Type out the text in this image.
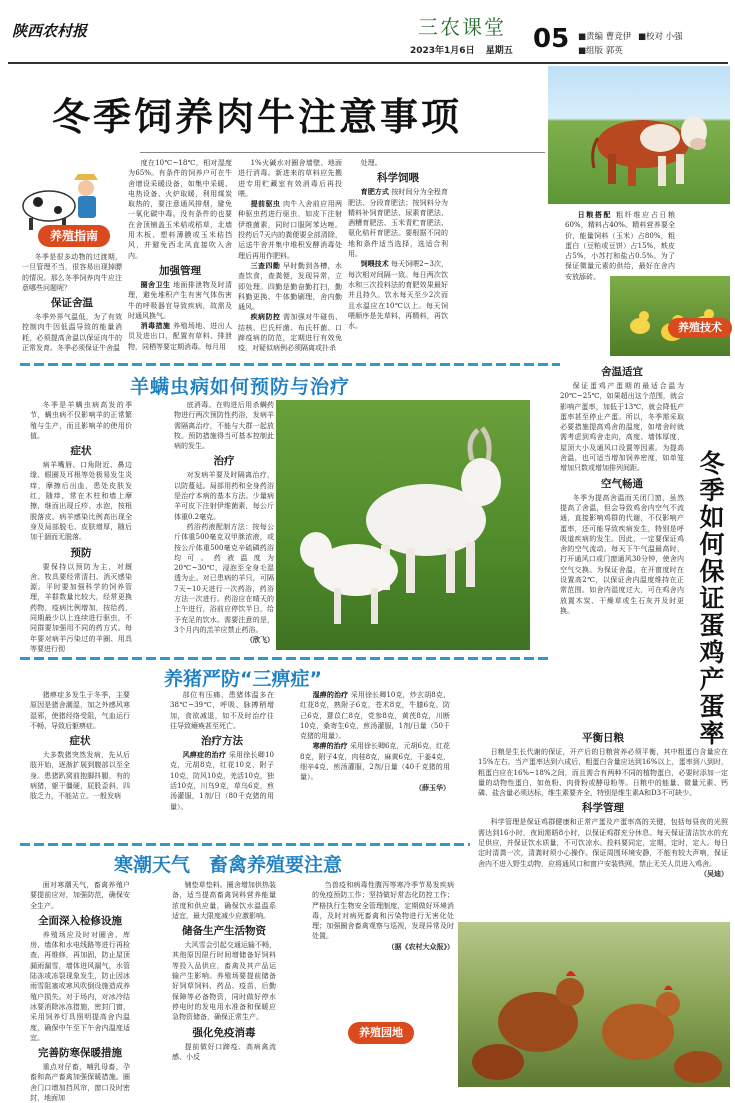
陕西农村报	三农课堂
2023年1月6日 星期五 05 ■责编 曹竞伊 ■校对 小强
■组版 郭英
冬季饲养肉牛注意事项
养殖指南

冬季是很多动物的过渡期，一旦管理不当，很容易出现掉膘的情况。那么冬季饲养肉牛应注意哪些问题呢？

保证舍温

冬季外界气温低，为了有效控制肉牛因低温导致的能量消耗，必须提高舍温以保证肉牛的正常发育。冬季必须保证牛舍温

度在10℃~18℃，相对湿度为65%。有条件的饲养户可在牛舍增设采暖设备，如集中采暖、电热设备、火炉取暖，利用煤炭取热的，要注意通风排烟，避免一氧化碳中毒。没有条件的也要在舍顶铺盖玉米秸或稻草，北墙用木板、塑料薄膜或玉米秸挡风，并避免西北风直接吹入舍内。

加强管理

圈舍卫生 地面排泄物及时清理，避免堆积产生有害气体伤害牛的呼吸器官导致疾病，故需及时通风换气。

消毒措施 养殖场地、进出人员及进出口，配置有草料、排泄物，同栖等要定期消毒。每月用

1%火碱水对圈舍墙壁、地面进行消毒。新进来的草料应先搬进专用贮藏室有效消毒后再投喂。

提前驱虫 肉牛入舍前应用两种驱虫药进行驱虫，如皮下注射伊维菌素，同时口服阿苯达唑。投药后7天内的粪便要全部清除，运送牛舍并集中堆积发酵消毒处理后再用作肥料。

三查四勤 早时勤到各槽，水查饮食，查粪便，发现异常，立即处理。四勤是勤奋勤打扫，勤科勤更换、牛体勤刷理，舍内勤通风。

疾病防控 需加强对牛碰伤、结核、巴氏杆菌、布氏杆菌、口蹄疫病的防范，定期进行有效免疫，对疑似病例必须隔离或扑杀

处理。

科学饲喂

育肥方式 按时间分为全程育肥法、分段育肥法；按饲料分为精料补饲育肥法、尿素育肥法、酒糟育肥法、玉米青贮育肥法、氨化秸秆育肥法。要根据不同的地和条件适当选择，选适合利用。

饲喂技术 每天饲喂2~3次，每次相对间隔一致。每日两次饮水和三次投料法的育肥效果最好并且持久。饮水每天至少2次而且水温应在10℃以上。每天饲喂顺序是先草料，再精料，再饮水。

日粮搭配 粗纤维应占日粮60%，精料占40%。精料营养要全价，能量饲料（玉米）占80%，粗蛋白（豆粕或豆饼）占15%，麸皮占5%，小苏打和盐占0.5%。为了保证微量元素的供给，最好在舍内安放舔砖。

养殖技术
羊螨虫病如何预防与治疗

冬季是羊螨虫病高发的季节，螨虫病不仅影响羊的正常繁殖与生产，而且影响羊的使用价值。

症状

病羊嘴唇、口角附近、鼻边缘、眼圈及耳根等处极易发生炎痒，摩擦后出血，患处皮肤发红，随痒，常在木柱和墙上摩擦，继而出现丘疹、水泡，按根脱落皮。病羊感染比例高出现全身及局部脱毛、皮肤增厚，随后加干涸而无脱落。

预防

要保持以预防为主，对厩舍、牧具要经常清扫、消灭感染源。平时要加强科学的饲养管理，羊群数量比较大，经常更换药物，疫病比例增加，按给药，同期最少以上连续进行驱虫，不同群要加强用不同的药方式。每年要对病羊污染过的羊圈、用具等要进行彻

底消毒。在购进后用杀螨药物进行两次预防性药浴，发病羊需隔离治疗，不能与大群一起放牧。预防措施得当可基本控制此病的发生。

治疗

对发病羊要及时隔离治疗，以防蔓延。局部用药和全身药浴是治疗本病的基本方法。少量病羊可皮下注射伊维菌素，每公斤体重0.2毫克。

药浴药液配制方法：按每公斤体重500毫克双甲脒浓液，或按公斤体重500毫克辛硫磷药浴均可。药液温度为20℃~30℃，浸泡至全身毛湿透为止。对已患病的羊只，可隔7天~10天进行一次药浴，药浴方法一次进行。药浴应在晴天的上午进行，浴前应停饮半日，给予充足的饮水。需要注意的是，3个月内的羔羊应禁止药浴。

（欣飞）

舍温适宜

保证蛋鸡产蛋期的最适合温为20℃~25℃，如果超出这个范围，就会影响产蛋率，加低于13℃，就会降低产蛋率甚至停止产蛋。所以，冬季需采取必要措施提高鸡舍的温度，如堵舍时就需考虑到鸡舍走向，高度、墙体厚度，屋顶大小及通风口设置等因素。为提高舍温，也可适当增加饲养密度，如单笼增加只数或增加排列间距。

空气畅通

冬季为提高舍温而关闭门窗，虽然提高了舍温，但会导致鸡舍内空气不流通，直接影响鸡群的代谢，不仅影响产蛋率，还可能导致疾病发生，特别是呼吸道疾病的发生。因此，一定要保证鸡舍的空气流动。每天下午气温最高时，打开通风口或门窗通风30分钟，使舍内空气交换。为保证舍温，在开窗度时在设置高2℃，以保证舍内温度维持在正常范围。如舍内湿度过大，可在鸡舍内放置木炭、干燥草或生石灰并及时更换。	冬季如何保证蛋鸡产蛋率
养猪严防“三痹症”

猪痹症多发生于冬季，主要原因是猪舍潮湿，加之外感风寒湿邪，使猪经络受阻，气血运行不畅，导致后躯痹症。

症状

大多数猪突然发病，先从后肢开始，逐渐扩展到腹部以至全身。患猪趴窝前抱脚抖腿，有的病猪，躯干僵硬，屁股歪斜，四肢乏力，不能站立。一般发病

部位有压痛，患猪体温多在38℃~39℃，呼吸、脉搏稍增加，食欲减退，如不及时治疗往往导致瘫痪甚至死亡。

治疗方法

风痹症的治疗 采用徐长卿10克，元胡8克，红花10克，附子10克，防风10克，羌活10克，独活10克，川乌9克，草乌6克，煎汤灌服，1剂/日（80千克猪的用量）。

湿痹的治疗 采用徐长卿10克，炒玄胡8克，红花8克，熟附子6克，苍术8克，牛膝6克，防己6克，薏苡仁8克，党参8克，黄芪8克，川断10克，桑寄生6克，煎汤灌服，1剂/日量（50千克猪的用量）。

寒痹的治疗 采用徐长卿6克，元胡6克，红花8克，附子4克，肉桂8克，麻黄6克，干姜4克，细辛4克，煎汤灌服，2剂/日量（40千克猪的用量）。

（薛玉华）

平衡日粮

日粮是生长代谢的保证，开产后的日粮营养必须平衡，其中粗蛋白含量应在15%左右，当产蛋率达到六成后，粗蛋白含量应达到16%以上，蛋率到八到时，粗蛋白应在16%~18%之间，而且需合有两种不同的植物蛋白，必要时添加一定量的动物性蛋白，如鱼粉、肉骨粉或酵母粉等。日粮中的能量、微量元素、钙磷、盐含量必须达标，维生素要齐全，特别是维生素A和D3不可缺少。

科学管理

科学管理是保证鸡群健康和正常产蛋及产蛋率高的关键，包括每昼夜的光照需达到16小时，夜间需晤8小时，以保证鸡群充分休息。每天保证清洁饮水的充足供应，并保证饮水质量，不可饮凉水。投料要同定，定期，定时，定人。每日定时清粪一次，清粪时须小心操作。保证周围环境安静，不能有较大声响，保证舍内不进入野生动物，应将通风口和窗户安装铁网，禁止无关人员进入鸡舍。

（吴迪）

寒潮天气　畜禽养殖要注意

面对寒潮天气，畜禽养殖户要提前应对，加强防范，确保安全生产。

全面深入检修设施

养殖场应及时对圈舍、库房、墙体和水电线路等进行再检查、再维修，再加固，防止屋顶漏雨漏雪，墙体迸风漏气，水管陆冻或冻裂现象发生，防止因冰雨雪阻塞或寒风吹倒设施造成养殖户损失。对于场内，对冰冷结冰要消除冰冻措施，密封门窗，采用饲养灯具照明提高舍内温度，确保中午至下午舍内温度适宜。

完善防寒保暖措施

重点对仔畜，哺乳母畜，孕畜和高产畜禽加强保暖措施。圈舍门口增加挡风帘，窗口及时密封，地面加

铺垫草垫料。圈舍增加供热装备，适当提高畜禽饲料营养能量浓度和供应量，确保饮水温温系适宜，最大限度减少应激影响。

储备生产生活物资

大风雪会引起交通运输不畅，其他原因限行时间增储备好饲料等投入品供应，畜禽及其产品运输产生影响。养殖场要提前储备好饲草饲料、药品、疫苗，后勤保障等必备物资，同时做好停水停电时的发电用水准备和保暖应急物资储备，确保正常生产。

强化免疫消毒

提前做好口蹄疫、高病禽流感、小反

刍兽疫和病毒性腹泻等寒冷季节易发疾病的免疫预防工作；坚持做好常态化防控工作；严格执行生物安全管理制度，定期做好环境消毒，及时对病死畜禽和污染物进行无害化处理；加强圈舍畜禽观察与巡视，发现异常及时处置。

（据《农村大众报》）

养殖园地
